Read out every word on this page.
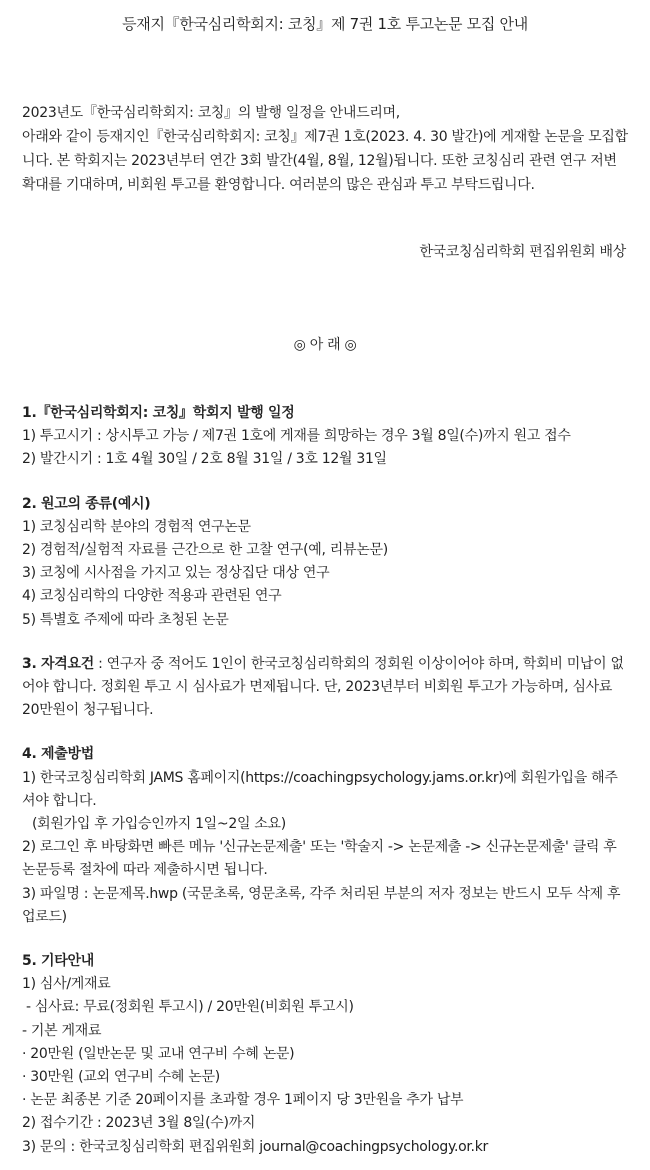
등재지『한국심리학회지: 코칭』제 7권 1호 투고논문 모집 안내

2023년도『한국심리학회지: 코칭』의 발행 일정을 안내드리며,

아래와 같이 등재지인『한국심리학회지: 코칭』제7권 1호(2023. 4. 30 발간)에 게재할 논문을 모집합니다. 본 학회지는 2023년부터 연간 3회 발간(4월, 8월, 12월)됩니다. 또한 코칭심리 관련 연구 저변 확대를 기대하며, 비회원 투고를 환영합니다. 여러분의 많은 관심과 투고 부탁드립니다.

한국코칭심리학회 편집위원회 배상
◎ 아 래 ◎

1.『한국심리학회지: 코칭』학회지 발행 일정

1) 투고시기 : 상시투고 가능 / 제7권 1호에 게재를 희망하는 경우 3월 8일(수)까지 원고 접수

2) 발간시기 : 1호 4월 30일 / 2호 8월 31일 / 3호 12월 31일

2. 원고의 종류(예시)

1) 코칭심리학 분야의 경험적 연구논문

2) 경험적/실험적 자료를 근간으로 한 고찰 연구(예, 리뷰논문)

3) 코칭에 시사점을 가지고 있는 정상집단 대상 연구

4) 코칭심리학의 다양한 적용과 관련된 연구

5) 특별호 주제에 따라 초청된 논문

3. 자격요건 : 연구자 중 적어도 1인이 한국코칭심리학회의 정회원 이상이어야 하며, 학회비 미납이 없어야 합니다. 정회원 투고 시 심사료가 면제됩니다. 단, 2023년부터 비회원 투고가 가능하며, 심사료 20만원이 청구됩니다.

4. 제출방법

1) 한국코칭심리학회 JAMS 홈페이지(https://coachingpsychology.jams.or.kr)에 회원가입을 해주셔야 합니다.

(회원가입 후 가입승인까지 1일~2일 소요)

2) 로그인 후 바탕화면 빠른 메뉴 '신규논문제출' 또는 '학술지 -> 논문제출 -> 신규논문제출' 클릭 후 논문등록 절차에 따라 제출하시면 됩니다.

3) 파일명 : 논문제목.hwp (국문초록, 영문초록, 각주 처리된 부분의 저자 정보는 반드시 모두 삭제 후 업로드)

5. 기타안내

1) 심사/게재료

- 심사료: 무료(정회원 투고시) / 20만원(비회원 투고시)

- 기본 게재료

· 20만원 (일반논문 및 교내 연구비 수혜 논문)

· 30만원 (교외 연구비 수혜 논문)

· 논문 최종본 기준 20페이지를 초과할 경우 1페이지 당 3만원을 추가 납부

2) 접수기간 : 2023년 3월 8일(수)까지

3) 문의 : 한국코칭심리학회 편집위원회 journal@coachingpsychology.or.kr
